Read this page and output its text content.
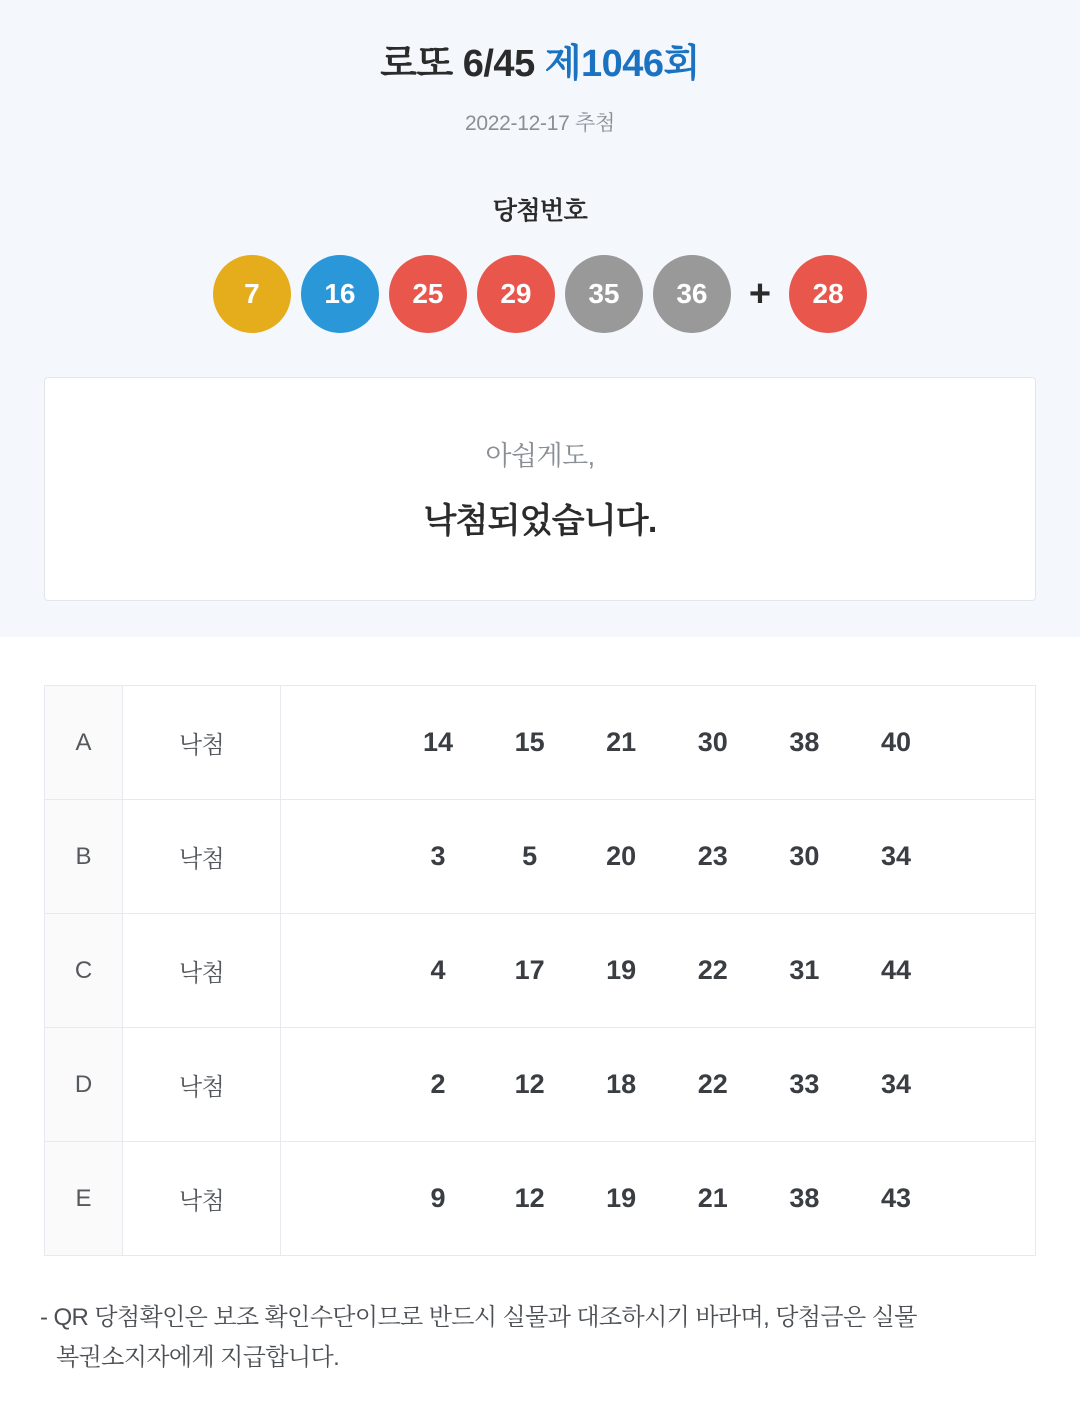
로또 6/45 제1046회
2022-12-17 추첨
당첨번호
7 16 25 29 35 36 + 28
아쉽게도,
낙첨되었습니다.
A	낙첨	14 15 21 30 38 40

B	낙첨	3	5	20 23 30 34

C	낙첨	4	17 19 22 31 44

D	낙첨	2	12 18 22 33 34

E	낙첨	9	12 19 21 38 43
- QR 당첨확인은 보조 확인수단이므로 반드시 실물과 대조하시기 바라며, 당첨금은 실물
복권소지자에게 지급합니다.
